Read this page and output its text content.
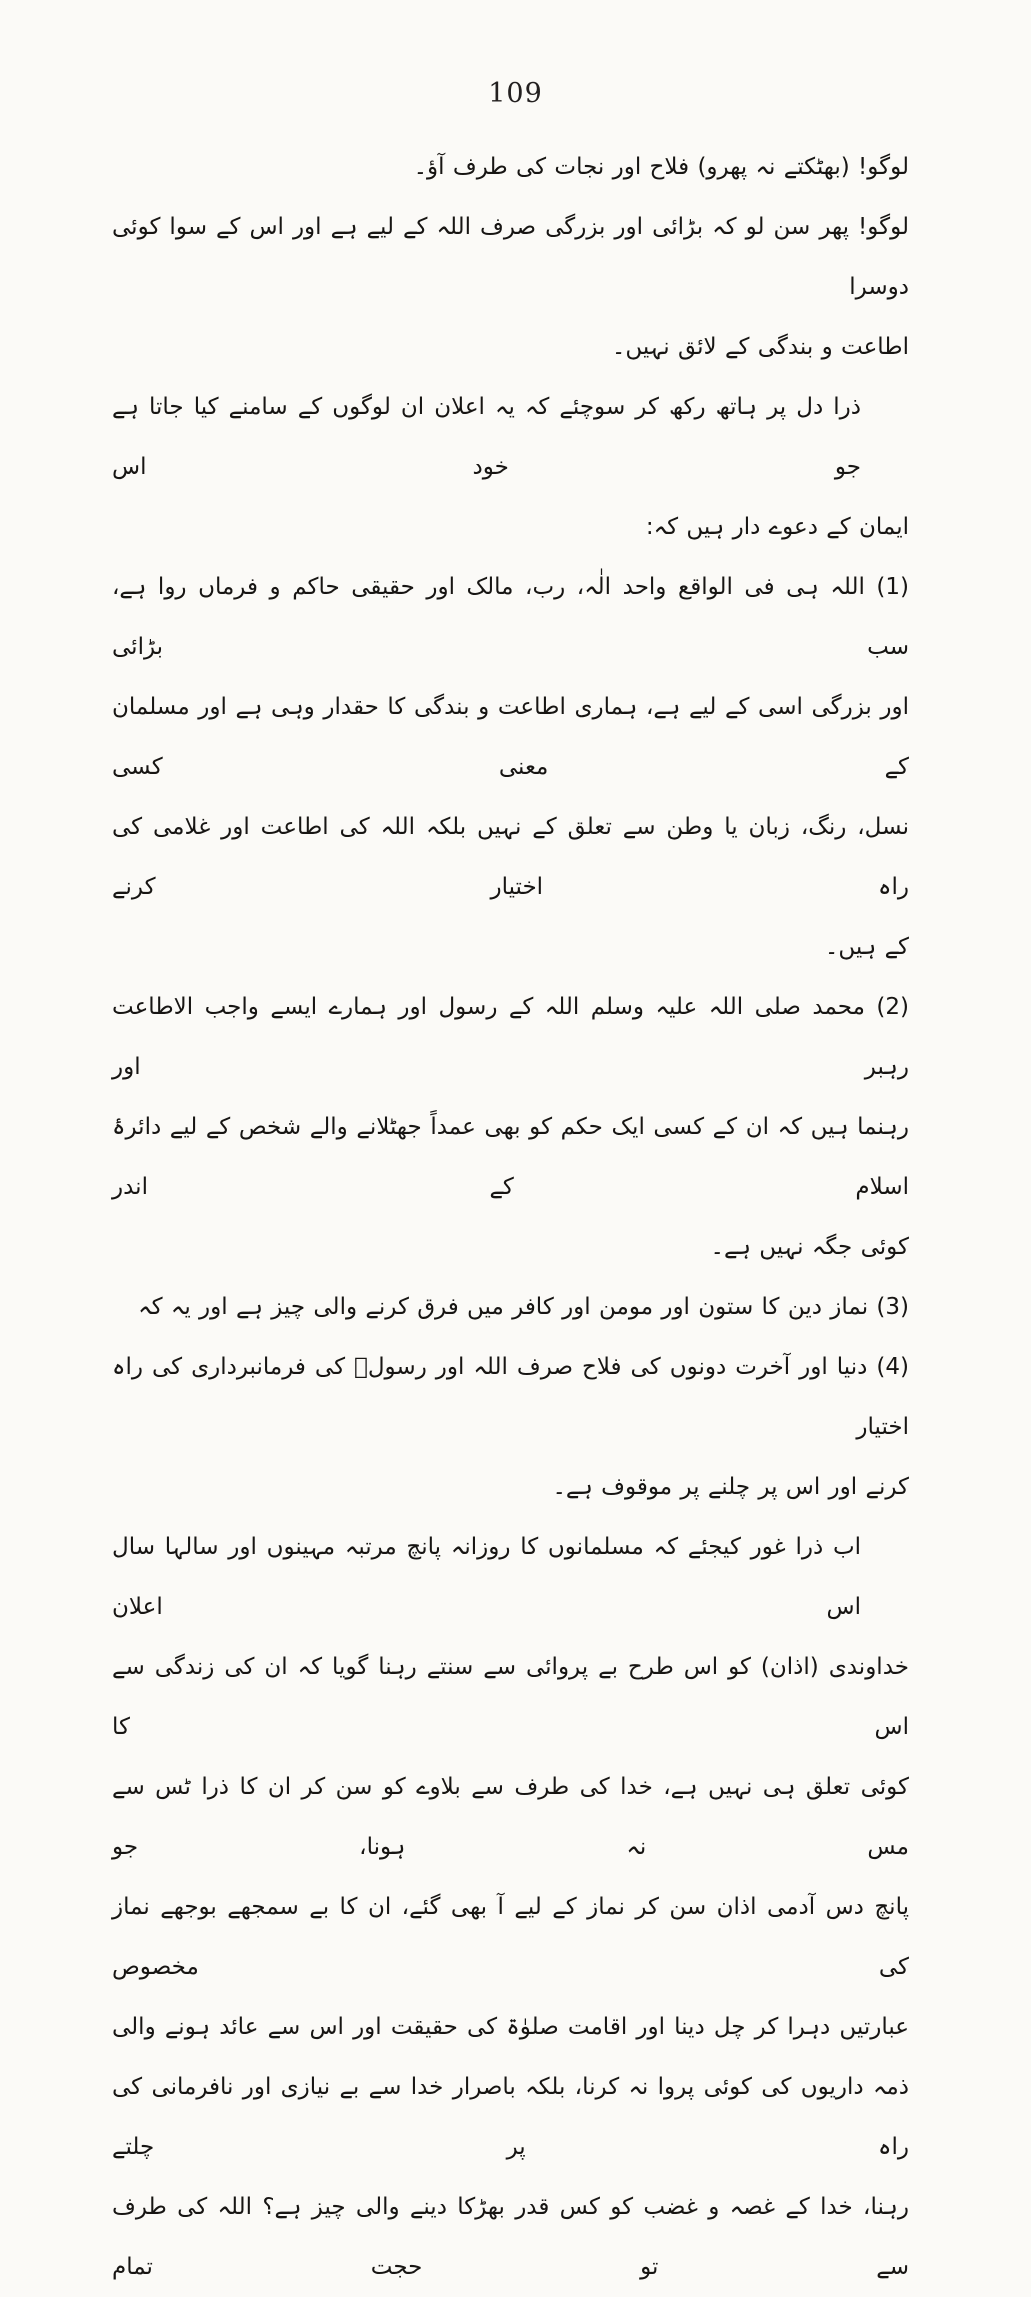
109
لوگو! (بھٹکتے نہ پھرو) فلاح اور نجات کی طرف آؤ۔
لوگو! پھر سن لو کہ بڑائی اور بزرگی صرف اللہ کے لیے ہے اور اس کے سوا کوئی دوسرا
اطاعت و بندگی کے لائق نہیں۔
ذرا دل پر ہاتھ رکھ کر سوچئے کہ یہ اعلان ان لوگوں کے سامنے کیا جاتا ہے جو خود اس
ایمان کے دعوے دار ہیں کہ:
(1) اللہ ہی فی الواقع واحد الٰہ، رب، مالک اور حقیقی حاکم و فرماں روا ہے، سب بڑائی
اور بزرگی اسی کے لیے ہے، ہماری اطاعت و بندگی کا حقدار وہی ہے اور مسلمان کے معنی کسی
نسل، رنگ، زبان یا وطن سے تعلق کے نہیں بلکہ اللہ کی اطاعت اور غلامی کی راہ اختیار کرنے
کے ہیں۔
(2) محمد صلی اللہ علیہ وسلم اللہ کے رسول اور ہمارے ایسے واجب الاطاعت رہبر اور
رہنما ہیں کہ ان کے کسی ایک حکم کو بھی عمداً جھٹلانے والے شخص کے لیے دائرۂ اسلام کے اندر
کوئی جگہ نہیں ہے۔
(3) نماز دین کا ستون اور مومن اور کافر میں فرق کرنے والی چیز ہے اور یہ کہ
(4) دنیا اور آخرت دونوں کی فلاح صرف اللہ اور رسولؐ کی فرمانبرداری کی راہ اختیار
کرنے اور اس پر چلنے پر موقوف ہے۔
اب ذرا غور کیجئے کہ مسلمانوں کا روزانہ پانچ مرتبہ مہینوں اور سالہا سال اس اعلان
خداوندی (اذان) کو اس طرح بے پروائی سے سنتے رہنا گویا کہ ان کی زندگی سے اس کا
کوئی تعلق ہی نہیں ہے، خدا کی طرف سے بلاوے کو سن کر ان کا ذرا ٹس سے مس نہ ہونا، جو
پانچ دس آدمی اذان سن کر نماز کے لیے آ بھی گئے، ان کا بے سمجھے بوجھے نماز کی مخصوص
عبارتیں دہرا کر چل دینا اور اقامت صلوٰۃ کی حقیقت اور اس سے عائد ہونے والی
ذمہ داریوں کی کوئی پروا نہ کرنا، بلکہ باصرار خدا سے بے نیازی اور نافرمانی کی راہ پر چلتے
رہنا، خدا کے غصہ و غضب کو کس قدر بھڑکا دینے والی چیز ہے؟ اللہ کی طرف سے تو حجت تمام
